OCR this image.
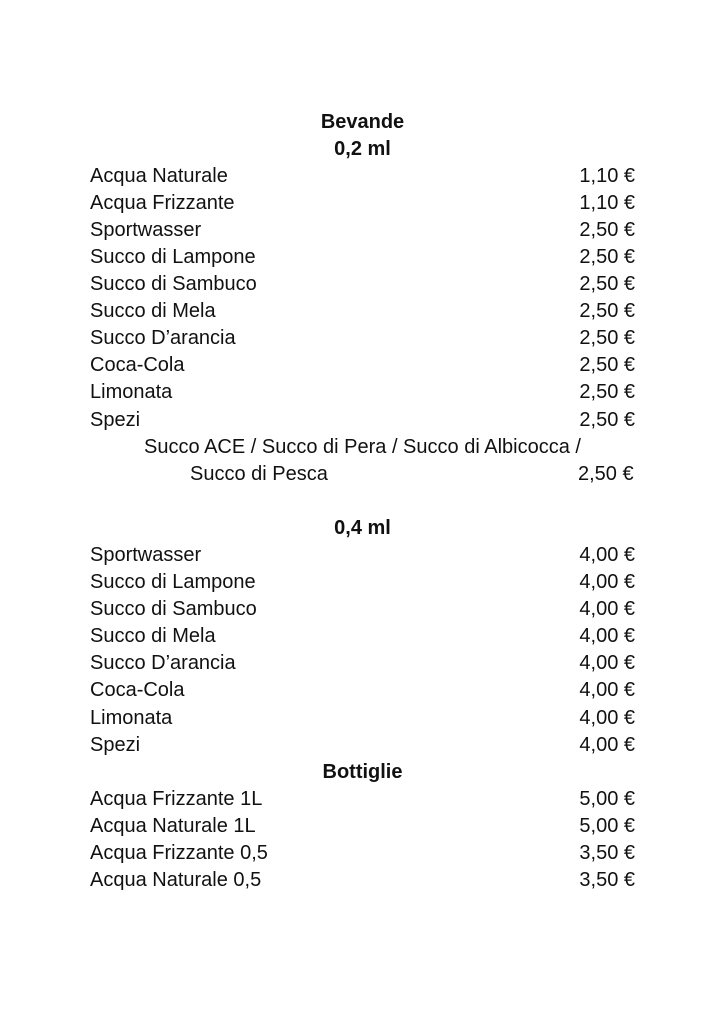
Bevande
0,2 ml
Acqua Naturale	1,10 €
Acqua Frizzante	1,10 €
Sportwasser	2,50 €
Succo di Lampone	2,50 €
Succo di Sambuco	2,50 €
Succo di Mela	2,50 €
Succo D’arancia	2,50 €
Coca-Cola	2,50 €
Limonata	2,50 €
Spezi	2,50 €
Succo ACE / Succo di Pera / Succo di Albicocca /
Succo di Pesca	2,50 €
0,4 ml
Sportwasser	4,00 €
Succo di Lampone	4,00 €
Succo di Sambuco	4,00 €
Succo di Mela	4,00 €
Succo D’arancia	4,00 €
Coca-Cola	4,00 €
Limonata	4,00 €
Spezi	4,00 €
Bottiglie
Acqua Frizzante 1L	5,00 €
Acqua Naturale 1L	5,00 €
Acqua Frizzante 0,5	3,50 €
Acqua Naturale 0,5	3,50 €
